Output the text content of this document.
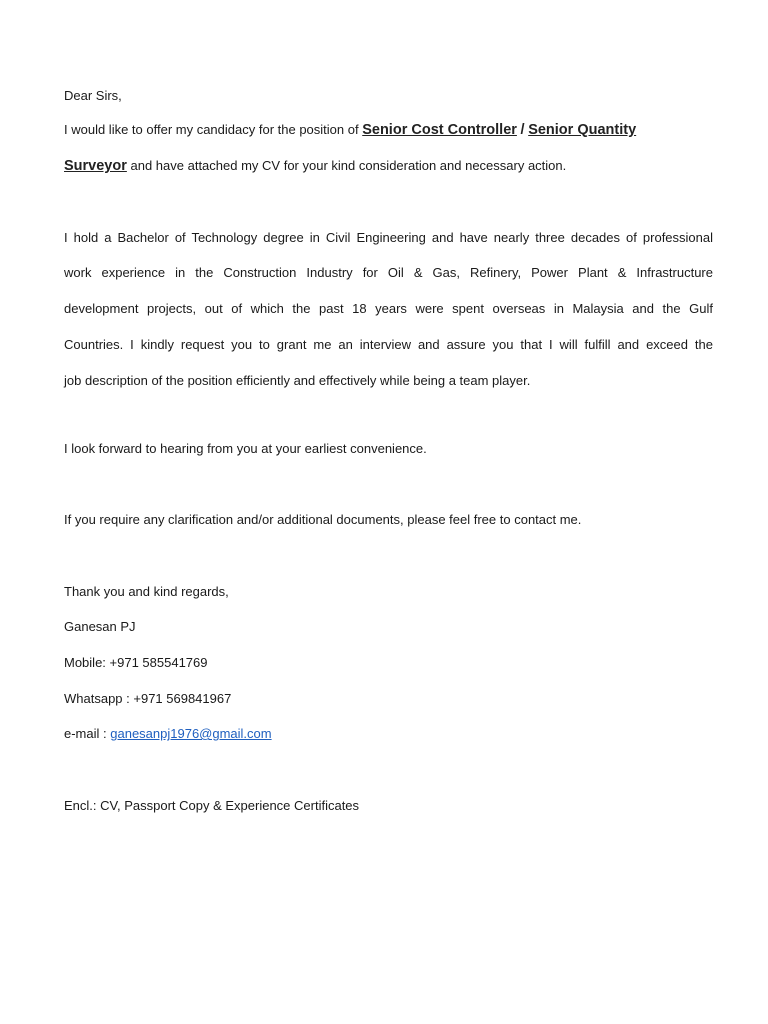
Dear Sirs,
I would like to offer my candidacy for the position of Senior Cost Controller / Senior Quantity
Surveyor and have attached my CV for your kind consideration and necessary action.
I hold a Bachelor of Technology degree in Civil Engineering and have nearly three decades of professional
work experience in the Construction Industry for Oil & Gas, Refinery, Power Plant & Infrastructure
development projects, out of which the past 18 years were spent overseas in Malaysia and the Gulf
Countries. I kindly request you to grant me an interview and assure you that I will fulfill and exceed the
job description of the position efficiently and effectively while being a team player.
I look forward to hearing from you at your earliest convenience.
If you require any clarification and/or additional documents, please feel free to contact me.
Thank you and kind regards,
Ganesan PJ
Mobile: +971 585541769
Whatsapp : +971 569841967
e-mail : ganesanpj1976@gmail.com
Encl.: CV, Passport Copy & Experience Certificates
